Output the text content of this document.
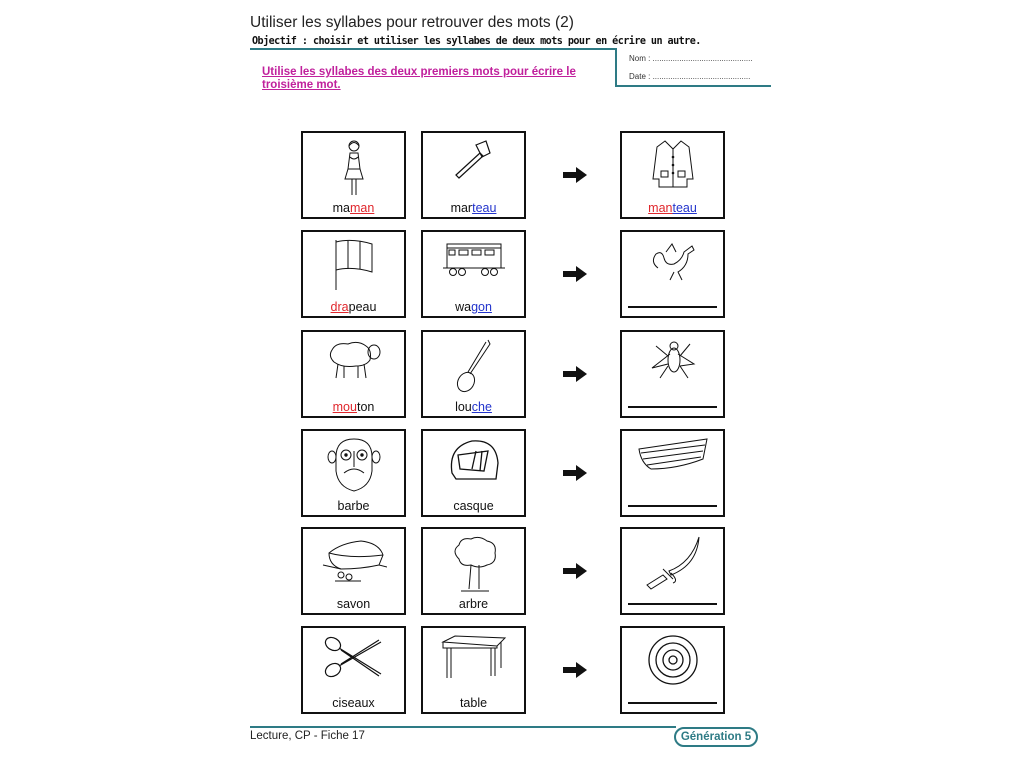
Utiliser les syllabes pour retrouver des mots (2)
Objectif : choisir et utiliser les syllabes de deux mots pour en écrire un autre.
Utilise les syllabes des deux premiers mots pour écrire le troisième mot.
Nom : .............................................
Date : ............................................
maman	marteau	manteau
drapeau	wagon
mouton	louche
barbe	casque
savon	arbre
ciseaux	table
Lecture, CP - Fiche 17	Génération 5
